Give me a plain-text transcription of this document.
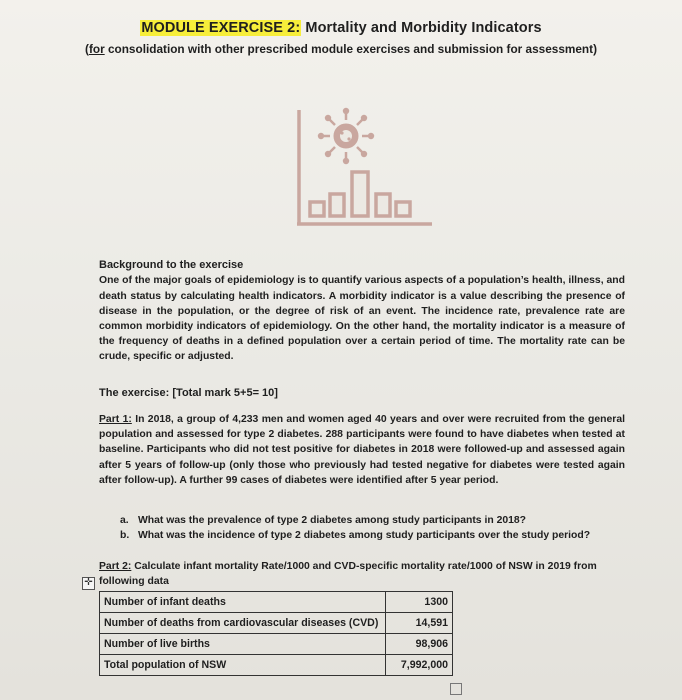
MODULE EXERCISE 2: Mortality and Morbidity Indicators
(for consolidation with other prescribed module exercises and submission for assessment)
Background to the exercise
One of the major goals of epidemiology is to quantify various aspects of a population’s health, illness, and death status by calculating health indicators. A morbidity indicator is a value describing the presence of disease in the population, or the degree of risk of an event. The incidence rate, prevalence rate are common morbidity indicators of epidemiology. On the other hand, the mortality indicator is a measure of the frequency of deaths in a defined population over a certain period of time. The mortality rate can be crude, specific or adjusted.
The exercise: [Total mark 5+5= 10]
Part 1: In 2018, a group of 4,233 men and women aged 40 years and over were recruited from the general population and assessed for type 2 diabetes. 288 participants were found to have diabetes when tested at baseline. Participants who did not test positive for diabetes in 2018 were followed-up and assessed again after 5 years of follow-up (only those who previously had tested negative for diabetes were tested again after follow-up). A further 99 cases of diabetes were identified after 5 year period.
a. What was the prevalence of type 2 diabetes among study participants in 2018?
b. What was the incidence of type 2 diabetes among study participants over the study period?
Part 2: Calculate infant mortality Rate/1000 and CVD-specific mortality rate/1000 of NSW in 2019 from following data
✛
Number of infant deaths	1300
Number of deaths from cardiovascular diseases (CVD)	14,591
Number of live births	98,906
Total population of NSW	7,992,000
